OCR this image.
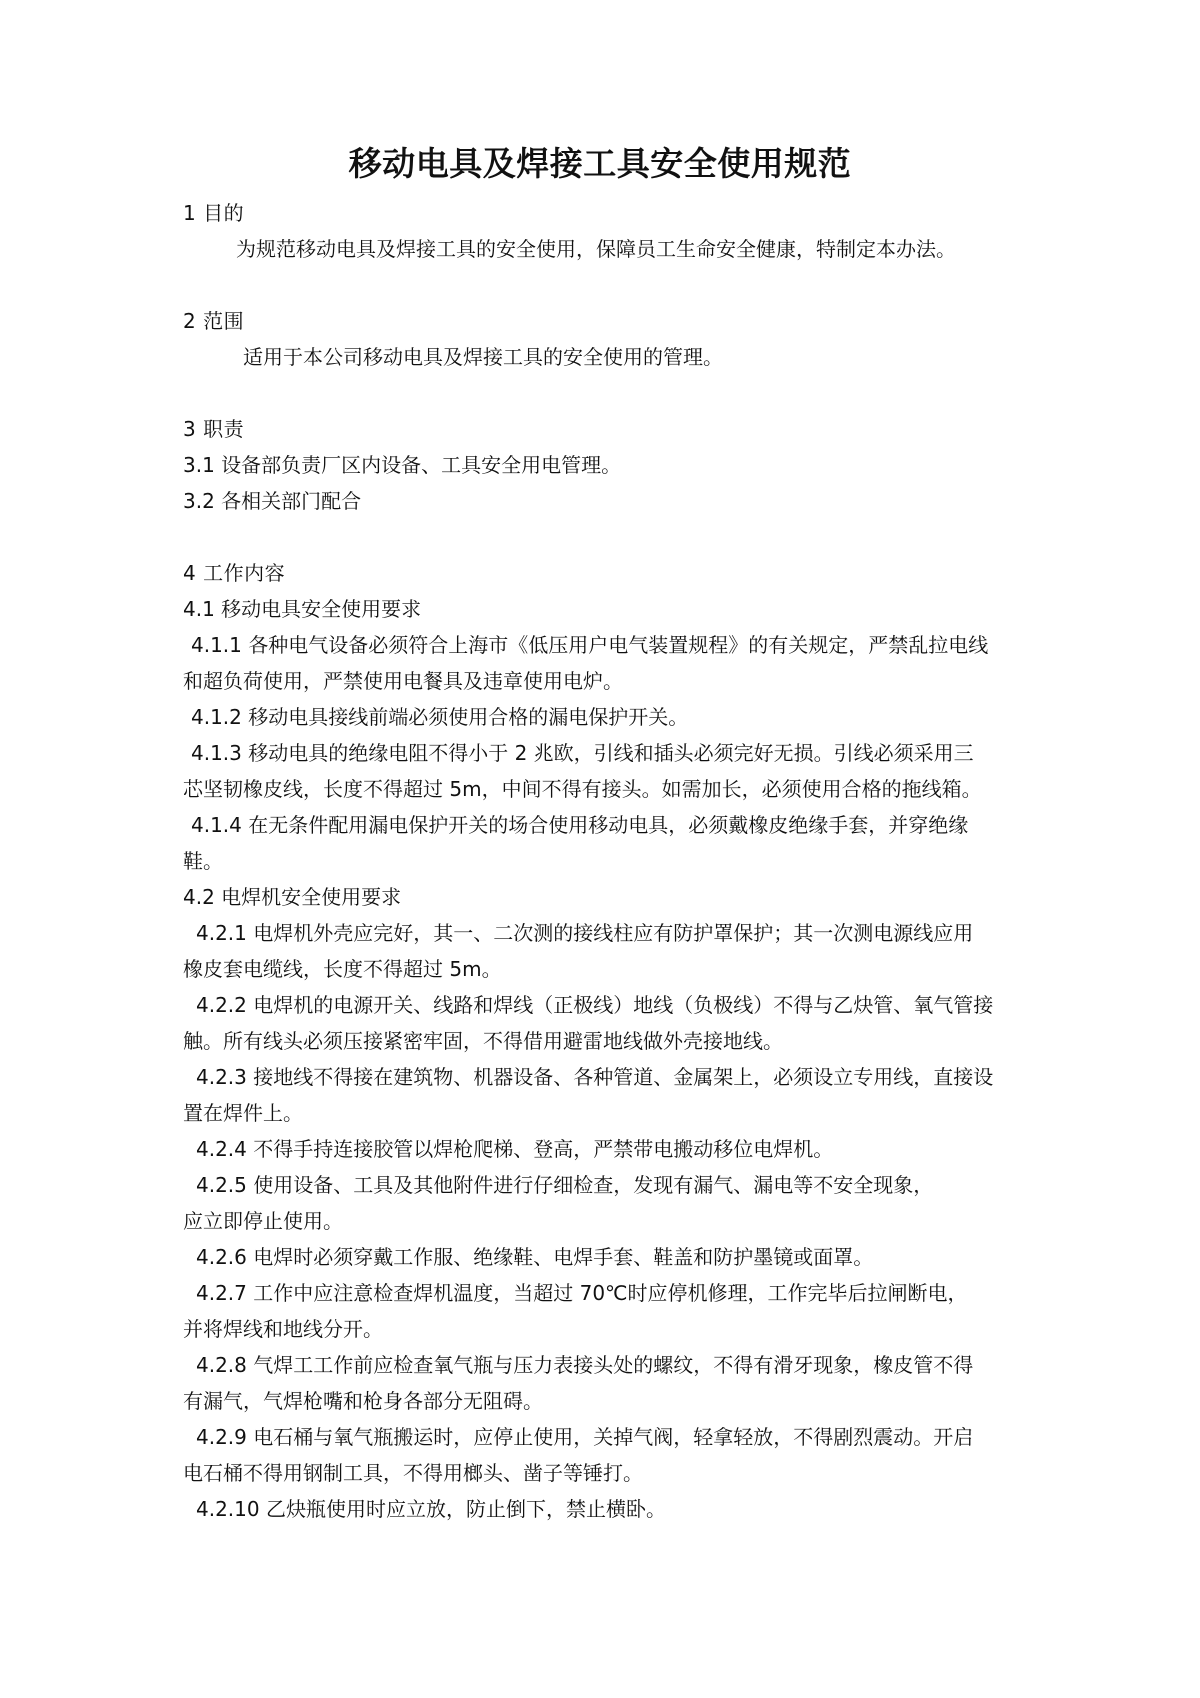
移动电具及焊接工具安全使用规范
1 目的
为规范移动电具及焊接工具的安全使用，保障员工生命安全健康，特制定本办法。
2 范围
适用于本公司移动电具及焊接工具的安全使用的管理。
3 职责
3.1 设备部负责厂区内设备、工具安全用电管理。
3.2 各相关部门配合
4 工作内容
4.1 移动电具安全使用要求
4.1.1 各种电气设备必须符合上海市《低压用户电气装置规程》的有关规定，严禁乱拉电线
和超负荷使用，严禁使用电餐具及违章使用电炉。
4.1.2 移动电具接线前端必须使用合格的漏电保护开关。
4.1.3 移动电具的绝缘电阻不得小于 2 兆欧，引线和插头必须完好无损。引线必须采用三
芯坚韧橡皮线，长度不得超过 5m，中间不得有接头。如需加长，必须使用合格的拖线箱。
4.1.4 在无条件配用漏电保护开关的场合使用移动电具，必须戴橡皮绝缘手套，并穿绝缘
鞋。
4.2 电焊机安全使用要求
4.2.1 电焊机外壳应完好，其一、二次测的接线柱应有防护罩保护；其一次测电源线应用
橡皮套电缆线，长度不得超过 5m。
4.2.2 电焊机的电源开关、线路和焊线（正极线）地线（负极线）不得与乙炔管、氧气管接
触。所有线头必须压接紧密牢固，不得借用避雷地线做外壳接地线。
4.2.3 接地线不得接在建筑物、机器设备、各种管道、金属架上，必须设立专用线，直接设
置在焊件上。
4.2.4 不得手持连接胶管以焊枪爬梯、登高，严禁带电搬动移位电焊机。
4.2.5 使用设备、工具及其他附件进行仔细检查，发现有漏气、漏电等不安全现象，
应立即停止使用。
4.2.6 电焊时必须穿戴工作服、绝缘鞋、电焊手套、鞋盖和防护墨镜或面罩。
4.2.7 工作中应注意检查焊机温度，当超过 70℃时应停机修理，工作完毕后拉闸断电，
并将焊线和地线分开。
4.2.8 气焊工工作前应检查氧气瓶与压力表接头处的螺纹，不得有滑牙现象，橡皮管不得
有漏气，气焊枪嘴和枪身各部分无阻碍。
4.2.9 电石桶与氧气瓶搬运时，应停止使用，关掉气阀，轻拿轻放，不得剧烈震动。开启
电石桶不得用钢制工具，不得用榔头、凿子等锤打。
4.2.10 乙炔瓶使用时应立放，防止倒下，禁止横卧。
